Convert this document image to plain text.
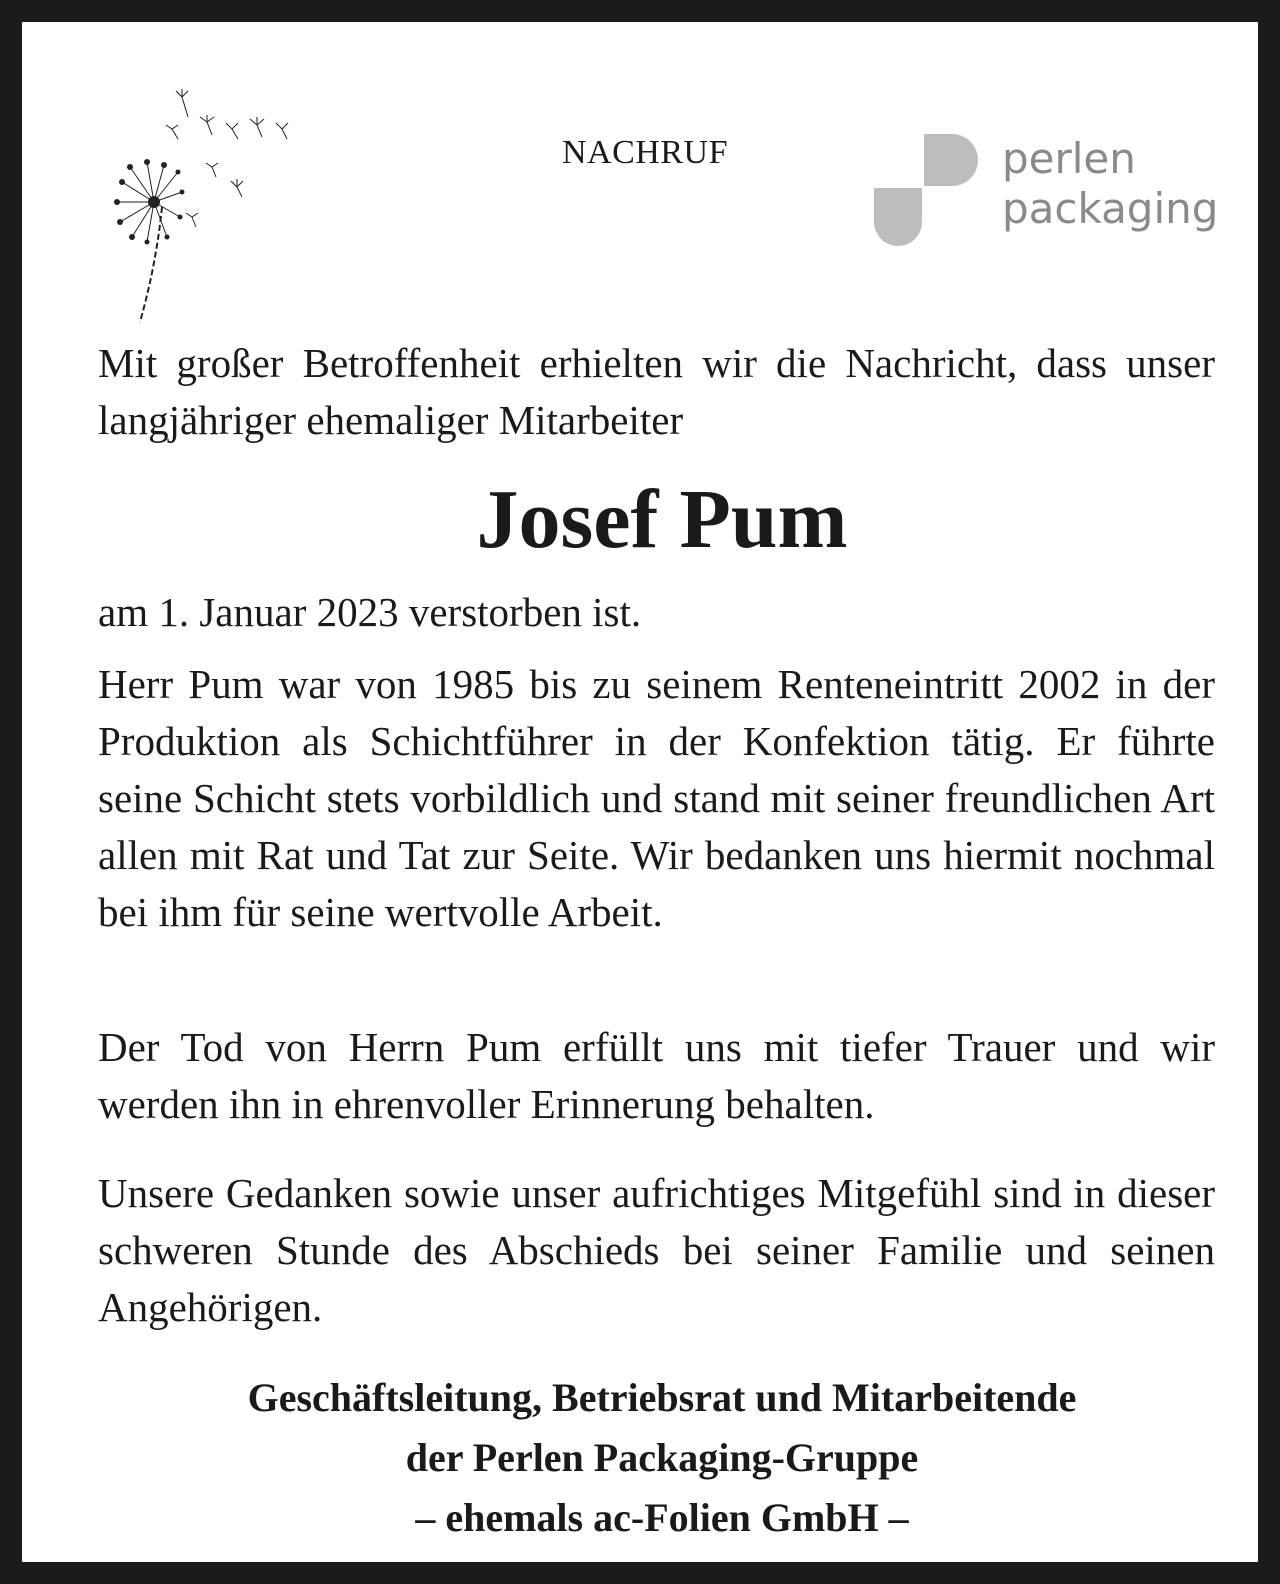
NACHRUF	perlen
packaging
Mit großer Betroffenheit erhielten wir die Nachricht, dass unser langjähriger ehemaliger Mitarbeiter
Josef Pum
am 1. Januar 2023 verstorben ist.
Herr Pum war von 1985 bis zu seinem Renteneintritt 2002 in der Produktion als Schichtführer in der Konfektion tätig. Er führte seine Schicht stets vorbildlich und stand mit seiner freundlichen Art allen mit Rat und Tat zur Seite. Wir bedanken uns hiermit nochmal bei ihm für seine wertvolle Arbeit.
Der Tod von Herrn Pum erfüllt uns mit tiefer Trauer und wir werden ihn in ehrenvoller Erinnerung behalten.
Unsere Gedanken sowie unser aufrichtiges Mitgefühl sind in dieser schweren Stunde des Abschieds bei seiner Familie und seinen Angehörigen.
Geschäftsleitung, Betriebsrat und Mitarbeitende
der Perlen Packaging-Gruppe
– ehemals ac-Folien GmbH –
